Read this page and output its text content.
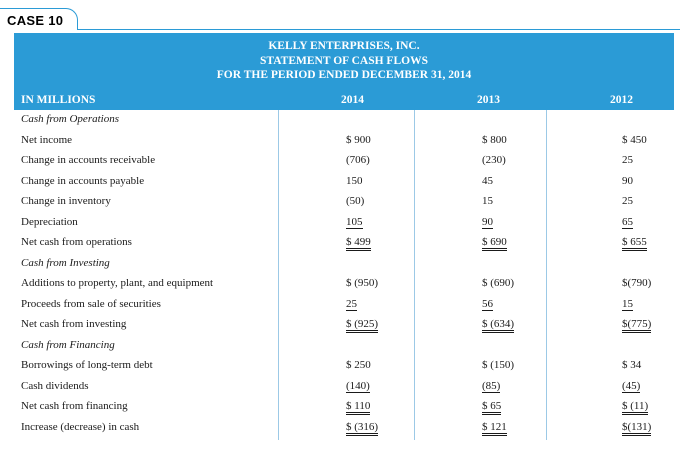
CASE 10
KELLY ENTERPRISES, INC.
STATEMENT OF CASH FLOWS
FOR THE PERIOD ENDED DECEMBER 31, 2014
IN MILLIONS	2014	2013	2012
Cash from Operations
Net income	$ 900	$ 800	$ 450
Change in accounts receivable	(706)	(230)	25
Change in accounts payable	150	45	90
Change in inventory	(50)	15	25
Depreciation	105	90	65
Net cash from operations	$ 499	$ 690	$ 655
Cash from Investing
Additions to property, plant, and equipment	$ (950)	$ (690)	$(790)
Proceeds from sale of securities	25	56	15
Net cash from investing	$ (925)	$ (634)	$(775)
Cash from Financing
Borrowings of long-term debt	$ 250	$ (150)	$ 34
Cash dividends	(140)	(85)	(45)
Net cash from financing	$ 110	$ 65	$ (11)
Increase (decrease) in cash	$ (316)	$ 121	$(131)
